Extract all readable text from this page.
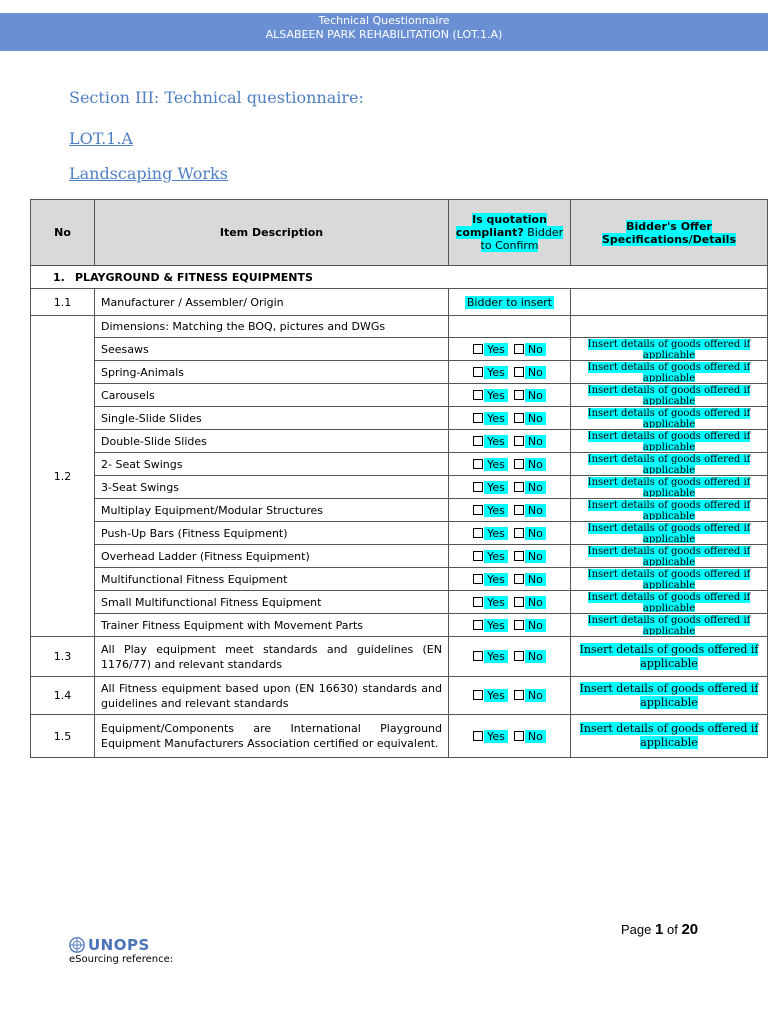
Technical Questionnaire
ALSABEEN PARK REHABILITATION (LOT.1.A)
Section III: Technical questionnaire:
LOT.1.A
Landscaping Works
No	Item Description	Is quotation compliant? Bidder to Confirm	Bidder's Offer Specifications/Details
1. PLAYGROUND & FITNESS EQUIPMENTS			
1.1	Manufacturer / Assembler/ Origin	Bidder to insert	
1.2	Dimensions: Matching the BOQ, pictures and DWGs		
	Seesaws	Yes No	Insert details of goods offered if applicable

	Spring-Animals	Yes No	Insert details of goods offered if applicable

	Carousels	Yes No	Insert details of goods offered if applicable

	Single-Slide Slides	Yes No	Insert details of goods offered if applicable

	Double-Slide Slides	Yes No	Insert details of goods offered if applicable

	2- Seat Swings	Yes No	Insert details of goods offered if applicable

	3-Seat Swings	Yes No	Insert details of goods offered if applicable

	Multiplay Equipment/Modular Structures	Yes No	Insert details of goods offered if applicable

	Push-Up Bars (Fitness Equipment)	Yes No	Insert details of goods offered if applicable

	Overhead Ladder (Fitness Equipment)	Yes No	Insert details of goods offered if applicable

	Multifunctional Fitness Equipment	Yes No	Insert details of goods offered if applicable

	Small Multifunctional Fitness Equipment	Yes No	Insert details of goods offered if applicable

	Trainer Fitness Equipment with Movement Parts	Yes No	Insert details of goods offered if applicable

1.3	All Play equipment meet standards and guidelines (EN 1176/77) and relevant standards	Yes No	Insert details of goods offered if applicable

1.4	All Fitness equipment based upon (EN 16630) standards and guidelines and relevant standards	Yes No	Insert details of goods offered if applicable

1.5	Equipment/Components are International Playground Equipment Manufacturers Association certified or equivalent.	Yes No	Insert details of goods offered if applicable
Page 1 of 20
UNOPS
eSourcing reference:
